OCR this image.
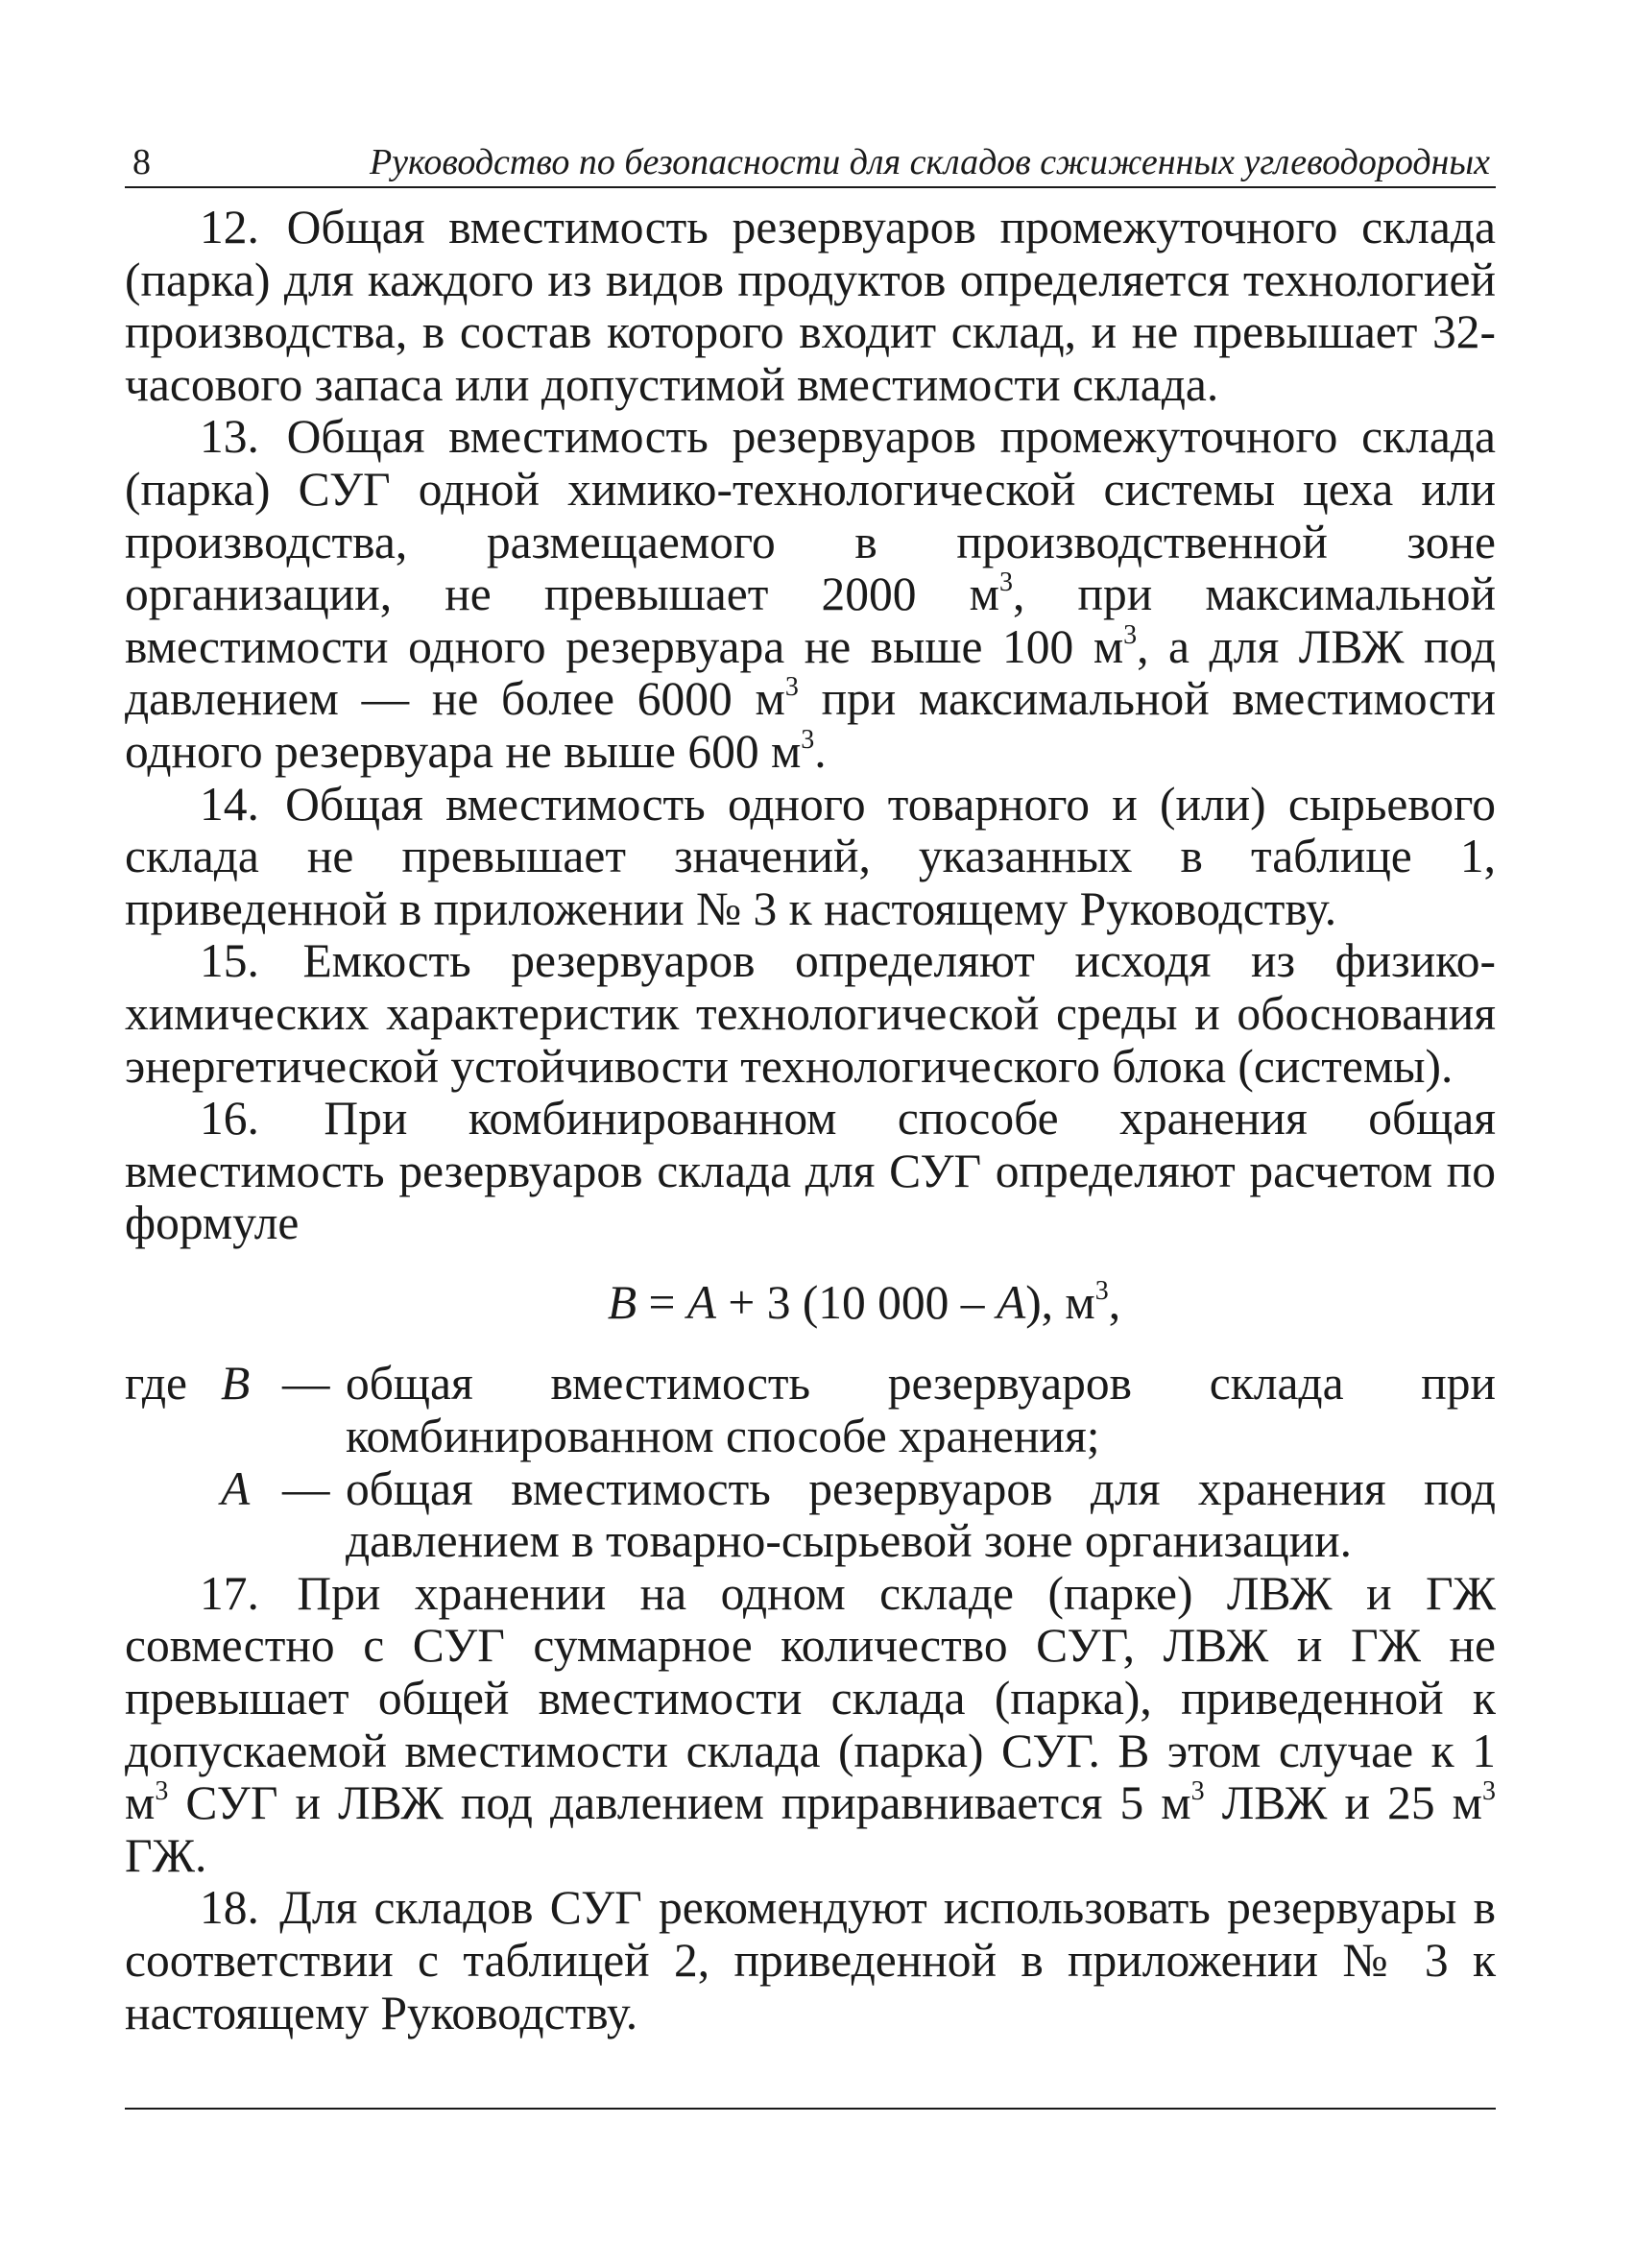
8	Руководство по безопасности для складов сжиженных углеводородных

12. Общая вместимость резервуаров промежуточного склада (парка) для каждого из видов продуктов определяется технологией производства, в состав которого входит склад, и не превышает 32-часового запаса или допустимой вместимости склада.

13. Общая вместимость резервуаров промежуточного склада (парка) СУГ одной химико-технологической системы цеха или производства, размещаемого в производственной зоне организации, не превышает 2000 $м^3$, при максимальной вместимости одного резервуара не выше 100 $м^3$, а для ЛВЖ под давлением — не более 6000 $м^3$ при максимальной вместимости одного резервуара не выше 600 $м^3$.

14. Общая вместимость одного товарного и (или) сырьевого склада не превышает значений, указанных в таблице 1, приведенной в приложении № 3 к настоящему Руководству.

15. Емкость резервуаров определяют исходя из физико-химических характеристик технологической среды и обоснования энергетической устойчивости технологического блока (системы).

16. При комбинированном способе хранения общая вместимость резервуаров склада для СУГ определяют расчетом по формуле

B = A + 3 (10 000 – A), $м^3$,
где B — общая вместимость резервуаров склада при комбинированном способе хранения;
A — общая вместимость резервуаров для хранения под давлением в товарно-сырьевой зоне организации.

17. При хранении на одном складе (парке) ЛВЖ и ГЖ совместно с СУГ суммарное количество СУГ, ЛВЖ и ГЖ не превышает общей вместимости склада (парка), приведенной к допускаемой вместимости склада (парка) СУГ. В этом случае к 1 $м^3$ СУГ и ЛВЖ под давлением приравнивается 5 $м^3$ ЛВЖ и 25 $м^3$ ГЖ.

18. Для складов СУГ рекомендуют использовать резервуары в соответствии с таблицей 2, приведенной в приложении № 3 к настоящему Руководству.
